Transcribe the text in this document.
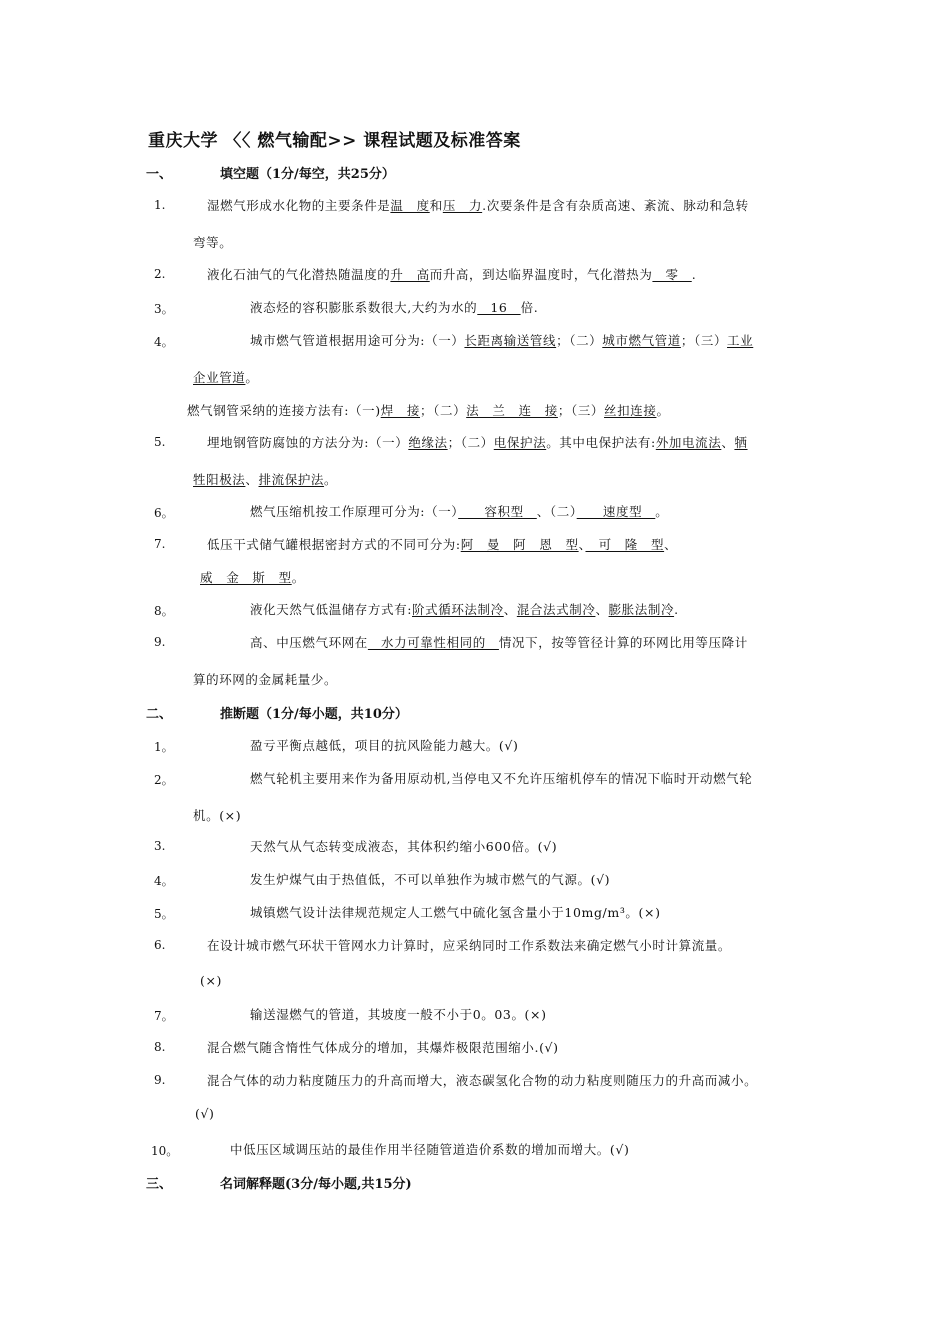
重庆大学 〈〈 燃气输配>> 课程试题及标准答案
一、	填空题（1分/每空，共25分）
1.	湿燃气形成水化物的主要条件是温　度和压　力.次要条件是含有杂质高速、紊流、脉动和急转
弯等。
2.	液化石油气的气化潜热随温度的升　高而升高，到达临界温度时，气化潜热为　零　.
3。	液态烃的容积膨胀系数很大,大约为水的　16　倍.
4。	城市燃气管道根据用途可分为:（一）长距离输送管线；（二）城市燃气管道；（三）工业
企业管道。
燃气钢管采纳的连接方法有:（一)焊　接；（二）法　兰　连　接；（三）丝扣连接。
5.	埋地钢管防腐蚀的方法分为:（一）绝缘法；（二）电保护法。其中电保护法有:外加电流法、牺
牲阳极法、排流保护法。
6。	燃气压缩机按工作原理可分为:（一）　　容积型　、（二）　　速度型　。
7.	低压干式储气罐根据密封方式的不同可分为:阿　曼　阿　恩　型、　可　隆　型、
威　金　斯　型。
8。	液化天然气低温储存方式有:阶式循环法制冷、混合法式制冷、膨胀法制冷.
9.	高、中压燃气环网在　水力可靠性相同的　情况下，按等管径计算的环网比用等压降计
算的环网的金属耗量少。
二、	推断题（1分/每小题，共10分）
1。	盈亏平衡点越低，项目的抗风险能力越大。(√)
2。	燃气轮机主要用来作为备用原动机,当停电又不允许压缩机停车的情况下临时开动燃气轮
机。(×)
3.	天然气从气态转变成液态，其体积约缩小600倍。(√)
4。	发生炉煤气由于热值低，不可以单独作为城市燃气的气源。(√)
5。	城镇燃气设计法律规范规定人工燃气中硫化氢含量小于10mg/m³。(×)
6.	在设计城市燃气环状干管网水力计算时，应采纳同时工作系数法来确定燃气小时计算流量。
(×)
7。	输送湿燃气的管道，其坡度一般不小于0。03。(×)
8.	混合燃气随含惰性气体成分的增加，其爆炸极限范围缩小.(√)
9.	混合气体的动力粘度随压力的升高而增大，液态碳氢化合物的动力粘度则随压力的升高而减小。
(√)
10。	中低压区域调压站的最佳作用半径随管道造价系数的增加而增大。(√)
三、	名词解释题(3分/每小题,共15分)
